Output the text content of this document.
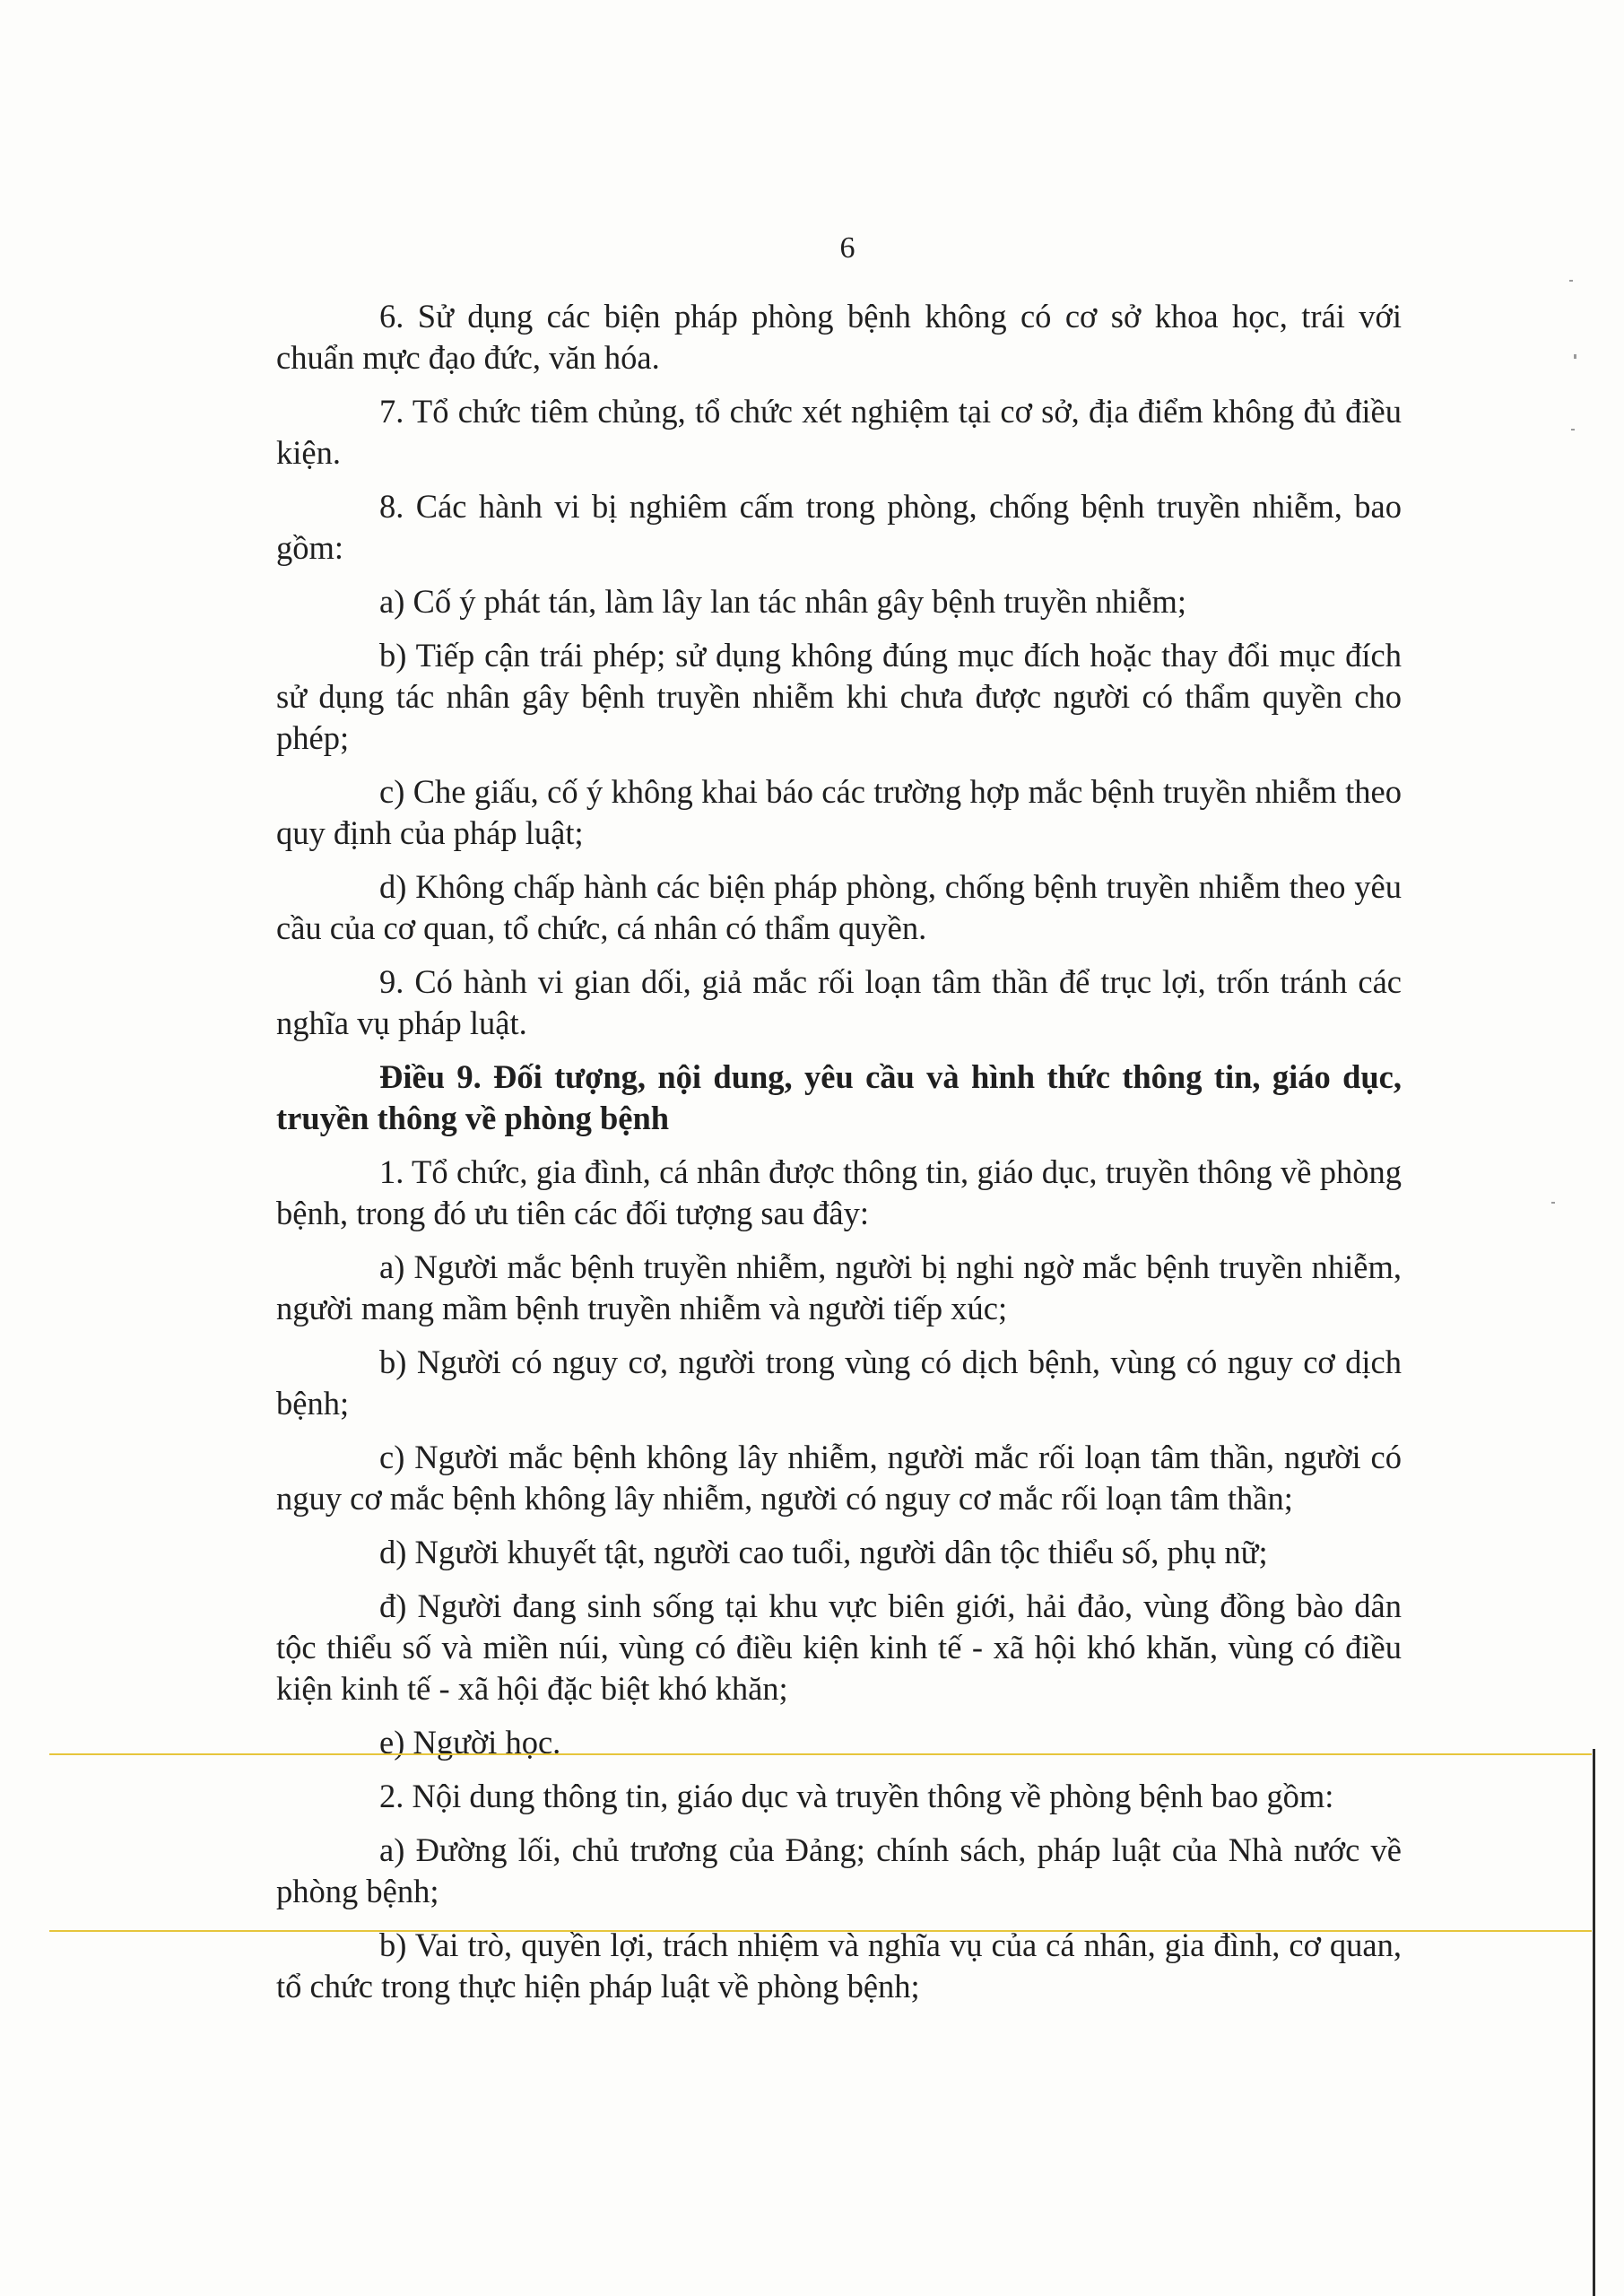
6

6. Sử dụng các biện pháp phòng bệnh không có cơ sở khoa học, trái với chuẩn mực đạo đức, văn hóa.

7. Tổ chức tiêm chủng, tổ chức xét nghiệm tại cơ sở, địa điểm không đủ điều kiện.

8. Các hành vi bị nghiêm cấm trong phòng, chống bệnh truyền nhiễm, bao gồm:

a) Cố ý phát tán, làm lây lan tác nhân gây bệnh truyền nhiễm;

b) Tiếp cận trái phép; sử dụng không đúng mục đích hoặc thay đổi mục đích sử dụng tác nhân gây bệnh truyền nhiễm khi chưa được người có thẩm quyền cho phép;

c) Che giấu, cố ý không khai báo các trường hợp mắc bệnh truyền nhiễm theo quy định của pháp luật;

d) Không chấp hành các biện pháp phòng, chống bệnh truyền nhiễm theo yêu cầu của cơ quan, tổ chức, cá nhân có thẩm quyền.

9. Có hành vi gian dối, giả mắc rối loạn tâm thần để trục lợi, trốn tránh các nghĩa vụ pháp luật.

Điều 9. Đối tượng, nội dung, yêu cầu và hình thức thông tin, giáo dục, truyền thông về phòng bệnh

1. Tổ chức, gia đình, cá nhân được thông tin, giáo dục, truyền thông về phòng bệnh, trong đó ưu tiên các đối tượng sau đây:

a) Người mắc bệnh truyền nhiễm, người bị nghi ngờ mắc bệnh truyền nhiễm, người mang mầm bệnh truyền nhiễm và người tiếp xúc;

b) Người có nguy cơ, người trong vùng có dịch bệnh, vùng có nguy cơ dịch bệnh;

c) Người mắc bệnh không lây nhiễm, người mắc rối loạn tâm thần, người có nguy cơ mắc bệnh không lây nhiễm, người có nguy cơ mắc rối loạn tâm thần;

d) Người khuyết tật, người cao tuổi, người dân tộc thiểu số, phụ nữ;

đ) Người đang sinh sống tại khu vực biên giới, hải đảo, vùng đồng bào dân tộc thiểu số và miền núi, vùng có điều kiện kinh tế - xã hội khó khăn, vùng có điều kiện kinh tế - xã hội đặc biệt khó khăn;

e) Người học.

2. Nội dung thông tin, giáo dục và truyền thông về phòng bệnh bao gồm:

a) Đường lối, chủ trương của Đảng; chính sách, pháp luật của Nhà nước về phòng bệnh;

b) Vai trò, quyền lợi, trách nhiệm và nghĩa vụ của cá nhân, gia đình, cơ quan, tổ chức trong thực hiện pháp luật về phòng bệnh;
